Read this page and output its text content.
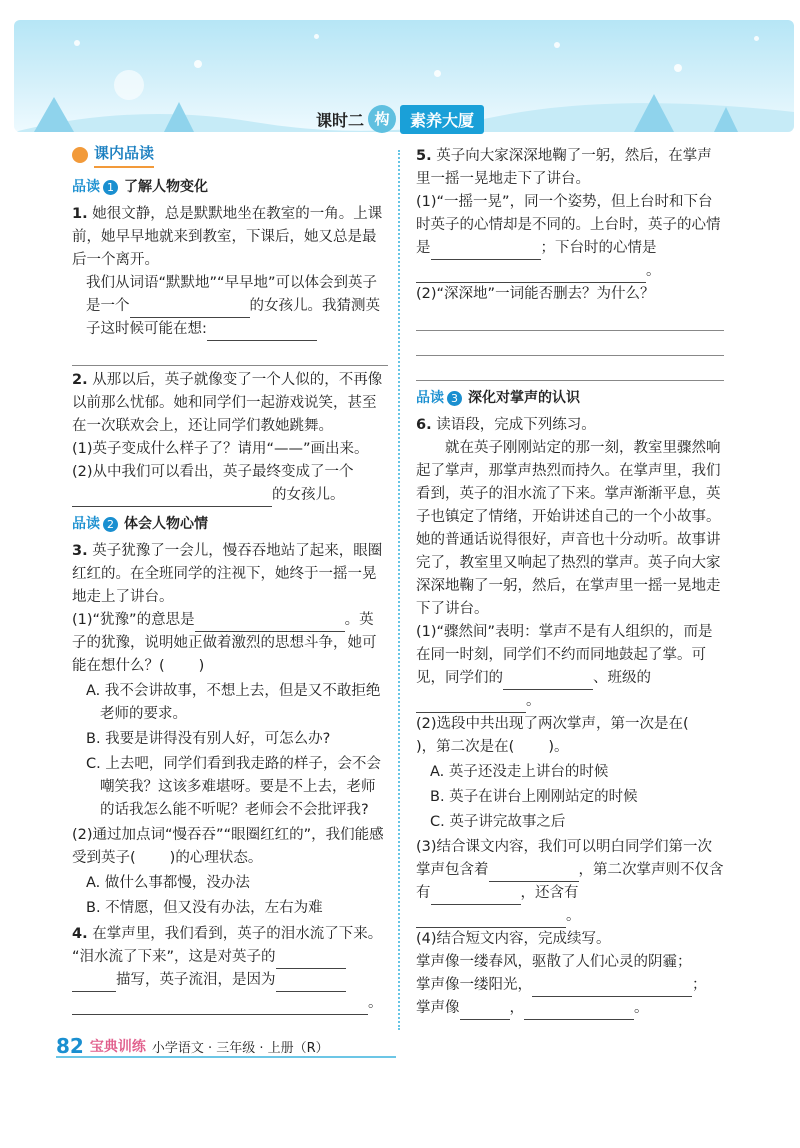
课时二 构	素养大厦
课内品读
品读 1 了解人物变化

1. 她很文静，总是默默地坐在教室的一角。上课前，她早早地就来到教室，下课后，她又总是最后一个离开。

我们从词语“默默地”“早早地”可以体会到英子是一个	的女孩儿。我猜测英子这时候可能在想:

2. 从那以后，英子就像变了一个人似的，不再像以前那么忧郁。她和同学们一起游戏说笑，甚至在一次联欢会上，还让同学们教她跳舞。

(1)英子变成什么样子了？请用“——”画出来。

(2)从中我们可以看出，英子最终变成了一个的女孩儿。

品读 2 体会人物心情

3. 英子犹豫了一会儿，慢吞吞地站了起来，眼圈红红的。在全班同学的注视下，她终于一摇一晃地走上了讲台。

(1)“犹豫”的意思是	。英子的犹豫，说明她正做着激烈的思想斗争，她可能在想什么？( )

A. 我不会讲故事，不想上去，但是又不敢拒绝老师的要求。

B. 我要是讲得没有别人好，可怎么办?

C. 上去吧，同学们看到我走路的样子，会不会嘲笑我？这该多难堪呀。要是不上去，老师的话我怎么能不听呢？老师会不会批评我?

(2)通过加点词“慢吞吞”“眼圈红红的”，我们能感受到英子( )的心理状态。

A. 做什么事都慢，没办法

B. 不情愿，但又没有办法，左右为难

4. 在掌声里，我们看到，英子的泪水流了下来。

“泪水流了下来”，这是对英子的

描写，英子流泪，是因为

。

5. 英子向大家深深地鞠了一躬，然后，在掌声里一摇一晃地走下了讲台。

(1)“一摇一晃”，同一个姿势，但上台时和下台时英子的心情却是不同的。上台时，英子的心情是	；下台时的心情是。

(2)“深深地”一词能否删去？为什么？

品读 3 深化对掌声的认识

6. 读语段，完成下列练习。

就在英子刚刚站定的那一刻，教室里骤然响起了掌声，那掌声热烈而持久。在掌声里，我们看到，英子的泪水流了下来。掌声渐渐平息，英子也镇定了情绪，开始讲述自己的一个小故事。她的普通话说得很好，声音也十分动听。故事讲完了，教室里又响起了热烈的掌声。英子向大家深深地鞠了一躬，然后，在掌声里一摇一晃地走下了讲台。

(1)“骤然间”表明：掌声不是有人组织的，而是在同一时刻，同学们不约而同地鼓起了掌。可见，同学们的	、班级的。

(2)选段中共出现了两次掌声，第一次是在()，第二次是在( )。

A. 英子还没走上讲台的时候

B. 英子在讲台上刚刚站定的时候

C. 英子讲完故事之后

(3)结合课文内容，我们可以明白同学们第一次掌声包含着	，第二次掌声则不仅含有	，还含有。

(4)结合短文内容，完成续写。

掌声像一缕春风，驱散了人们心灵的阴霾；

掌声像一缕阳光，	；

掌声像	，	。

82 宝典训练 小学语文 · 三年级 · 上册（R）
